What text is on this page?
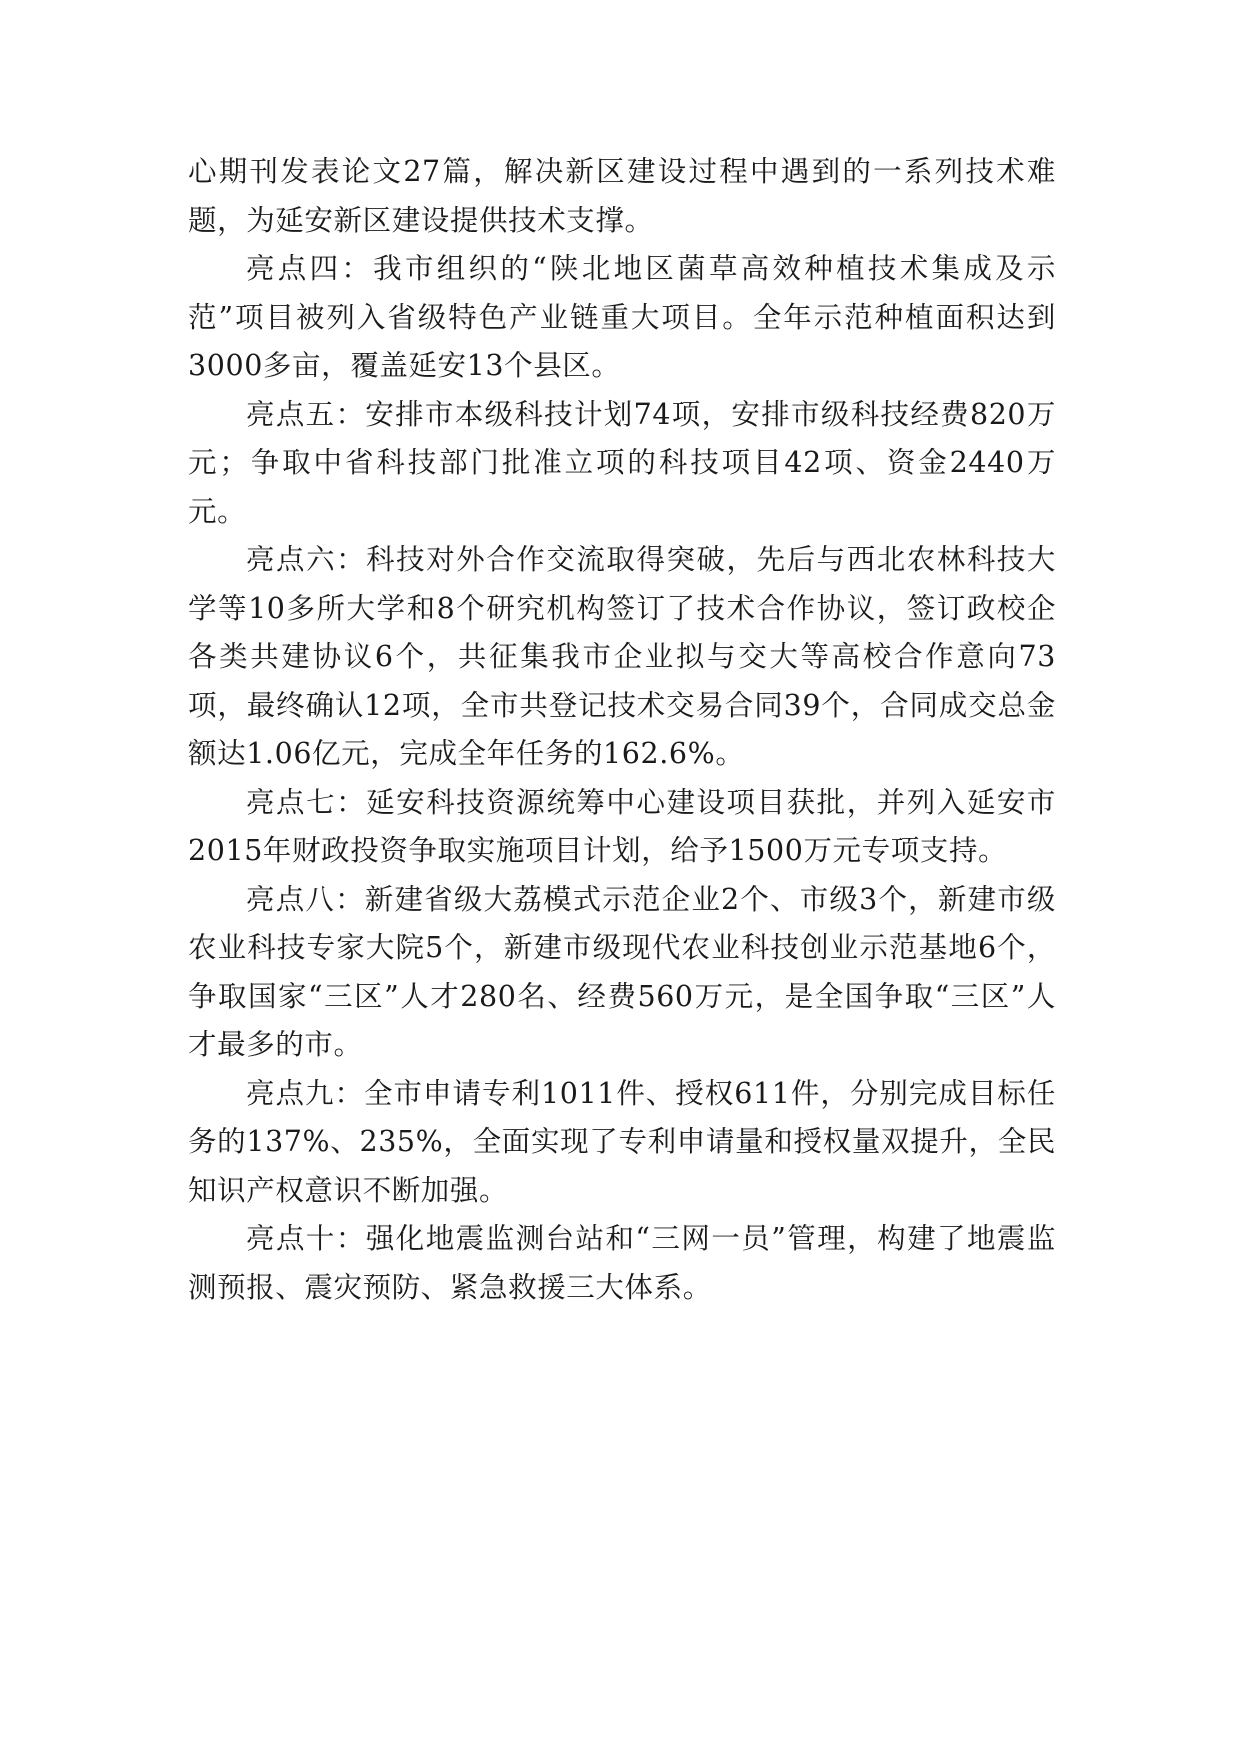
心期刊发表论文27篇，解决新区建设过程中遇到的一系列技术难题，为延安新区建设提供技术支撑。

亮点四：我市组织的“陕北地区菌草高效种植技术集成及示范”项目被列入省级特色产业链重大项目。全年示范种植面积达到3000多亩，覆盖延安13个县区。

亮点五：安排市本级科技计划74项，安排市级科技经费820万元；争取中省科技部门批准立项的科技项目42项、资金2440万元。

亮点六：科技对外合作交流取得突破，先后与西北农林科技大学等10多所大学和8个研究机构签订了技术合作协议，签订政校企各类共建协议6个，共征集我市企业拟与交大等高校合作意向73项，最终确认12项，全市共登记技术交易合同39个，合同成交总金额达1.06亿元，完成全年任务的162.6%。

亮点七：延安科技资源统筹中心建设项目获批，并列入延安市2015年财政投资争取实施项目计划，给予1500万元专项支持。

亮点八：新建省级大荔模式示范企业2个、市级3个，新建市级农业科技专家大院5个，新建市级现代农业科技创业示范基地6个，争取国家“三区”人才280名、经费560万元，是全国争取“三区”人才最多的市。

亮点九：全市申请专利1011件、授权611件，分别完成目标任务的137%、235%，全面实现了专利申请量和授权量双提升，全民知识产权意识不断加强。

亮点十：强化地震监测台站和“三网一员”管理，构建了地震监测预报、震灾预防、紧急救援三大体系。
